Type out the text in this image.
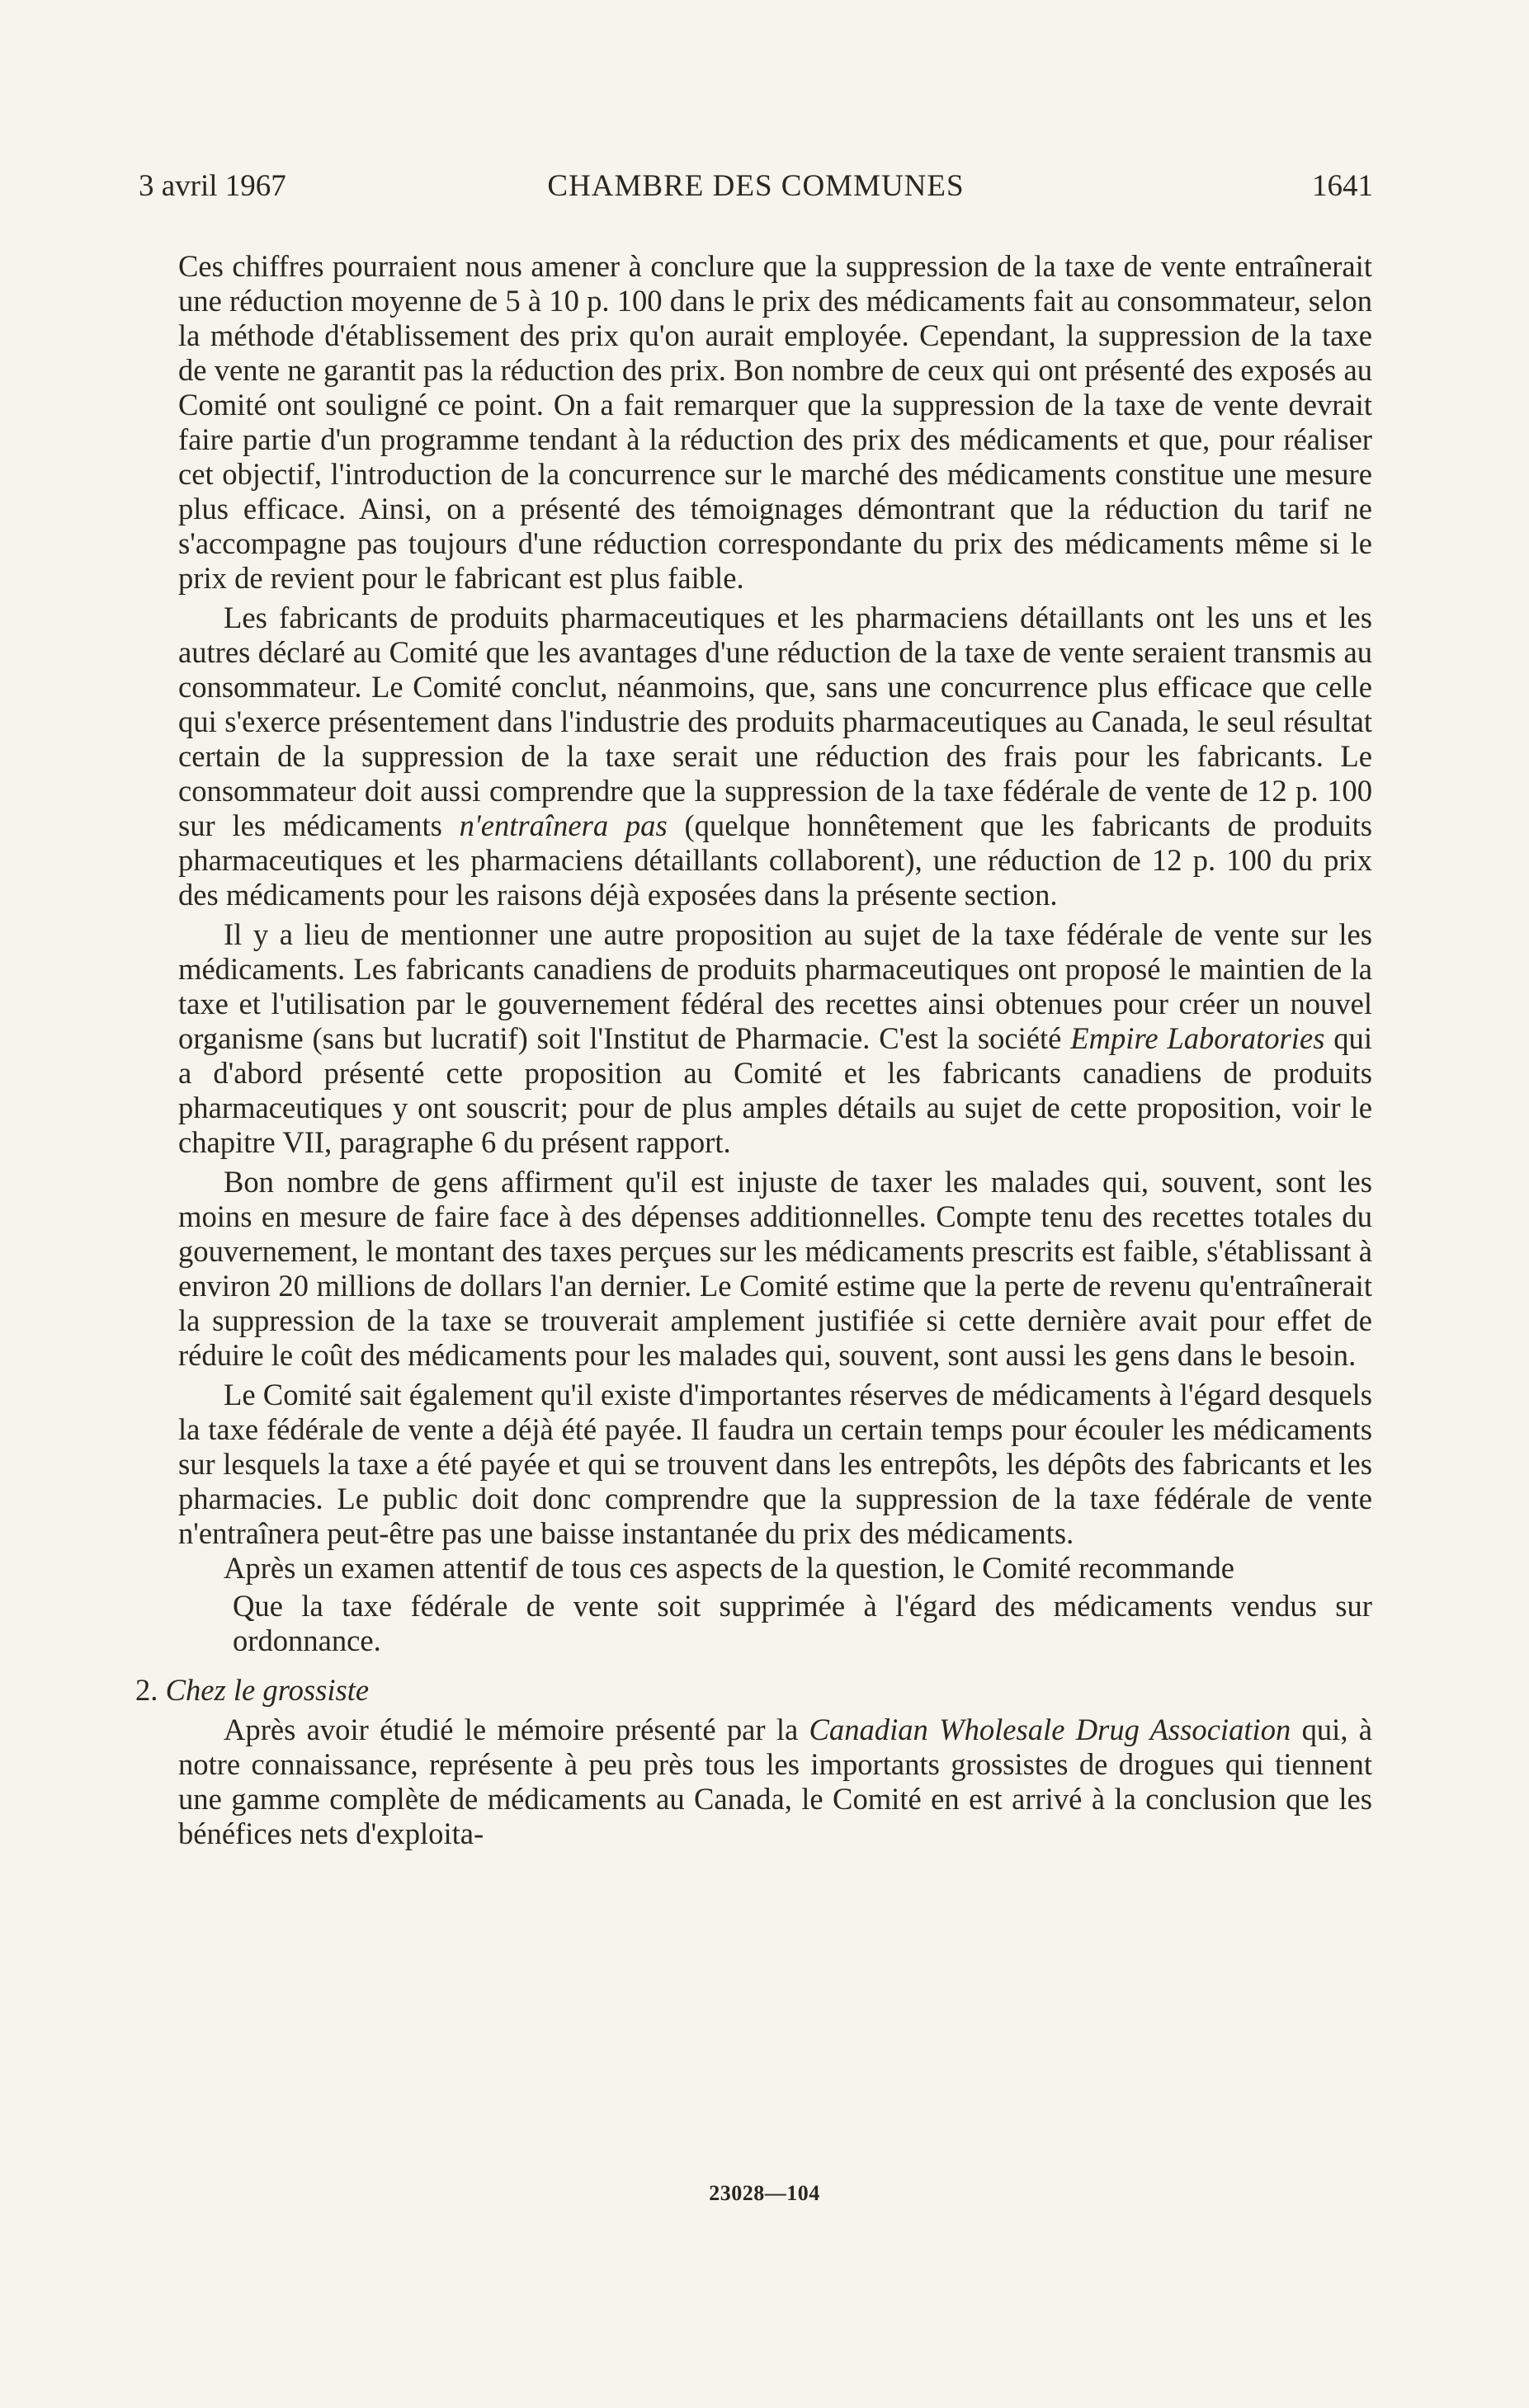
3 avril 1967	CHAMBRE DES COMMUNES	1641

Ces chiffres pourraient nous amener à conclure que la suppression de la taxe de vente entraînerait une réduction moyenne de 5 à 10 p. 100 dans le prix des médicaments fait au consommateur, selon la méthode d'établissement des prix qu'on aurait employée. Cependant, la suppression de la taxe de vente ne garantit pas la réduction des prix. Bon nombre de ceux qui ont présenté des exposés au Comité ont souligné ce point. On a fait remarquer que la suppression de la taxe de vente devrait faire partie d'un programme tendant à la réduction des prix des médicaments et que, pour réaliser cet objectif, l'introduction de la concurrence sur le marché des médicaments constitue une mesure plus efficace. Ainsi, on a présenté des témoignages démontrant que la réduction du tarif ne s'accompagne pas toujours d'une réduction correspondante du prix des médicaments même si le prix de revient pour le fabricant est plus faible.

Les fabricants de produits pharmaceutiques et les pharmaciens détaillants ont les uns et les autres déclaré au Comité que les avantages d'une réduction de la taxe de vente seraient transmis au consommateur. Le Comité conclut, néanmoins, que, sans une concurrence plus efficace que celle qui s'exerce présentement dans l'industrie des produits pharmaceutiques au Canada, le seul résultat certain de la suppression de la taxe serait une réduction des frais pour les fabricants. Le consommateur doit aussi comprendre que la suppression de la taxe fédérale de vente de 12 p. 100 sur les médicaments n'entraînera pas (quelque honnêtement que les fabricants de produits pharmaceutiques et les pharmaciens détaillants collaborent), une réduction de 12 p. 100 du prix des médicaments pour les raisons déjà exposées dans la présente section.

Il y a lieu de mentionner une autre proposition au sujet de la taxe fédérale de vente sur les médicaments. Les fabricants canadiens de produits pharmaceutiques ont proposé le maintien de la taxe et l'utilisation par le gouvernement fédéral des recettes ainsi obtenues pour créer un nouvel organisme (sans but lucratif) soit l'Institut de Pharmacie. C'est la société Empire Laboratories qui a d'abord présenté cette proposition au Comité et les fabricants canadiens de produits pharmaceutiques y ont souscrit; pour de plus amples détails au sujet de cette proposition, voir le chapitre VII, paragraphe 6 du présent rapport.

Bon nombre de gens affirment qu'il est injuste de taxer les malades qui, souvent, sont les moins en mesure de faire face à des dépenses additionnelles. Compte tenu des recettes totales du gouvernement, le montant des taxes perçues sur les médicaments prescrits est faible, s'établissant à environ 20 millions de dollars l'an dernier. Le Comité estime que la perte de revenu qu'entraînerait la suppression de la taxe se trouverait amplement justifiée si cette dernière avait pour effet de réduire le coût des médicaments pour les malades qui, souvent, sont aussi les gens dans le besoin.

Le Comité sait également qu'il existe d'importantes réserves de médicaments à l'égard desquels la taxe fédérale de vente a déjà été payée. Il faudra un certain temps pour écouler les médicaments sur lesquels la taxe a été payée et qui se trouvent dans les entrepôts, les dépôts des fabricants et les pharmacies. Le public doit donc comprendre que la suppression de la taxe fédérale de vente n'entraînera peut-être pas une baisse instantanée du prix des médicaments.

Après un examen attentif de tous ces aspects de la question, le Comité recommande

Que la taxe fédérale de vente soit supprimée à l'égard des médicaments vendus sur ordonnance.

2. Chez le grossiste

Après avoir étudié le mémoire présenté par la Canadian Wholesale Drug Association qui, à notre connaissance, représente à peu près tous les importants grossistes de drogues qui tiennent une gamme complète de médicaments au Canada, le Comité en est arrivé à la conclusion que les bénéfices nets d'exploita-

23028—104
